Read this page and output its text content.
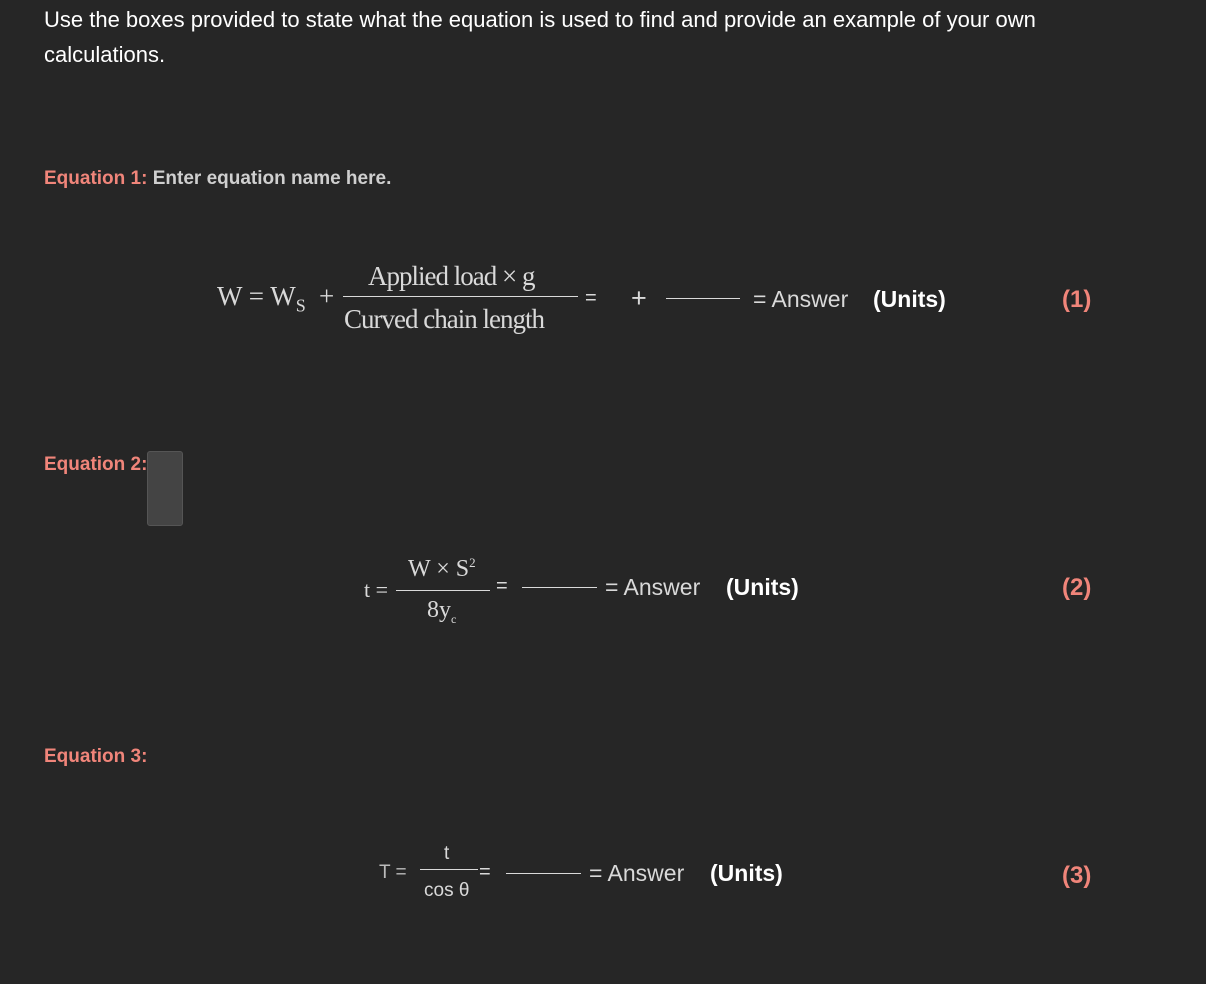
Use the boxes provided to state what the equation is used to find and provide an example of your own calculations.
Equation 1: Enter equation name here.
$W = W_S$ +
Applied load × g
Curved chain length
= +	= Answer (Units)	(1)
Equation 2:
t =
$W \times S^2$
$8y_c$
=	= Answer (Units)	(2)
Equation 3:
T =
t
cos θ
=	= Answer (Units)	(3)
